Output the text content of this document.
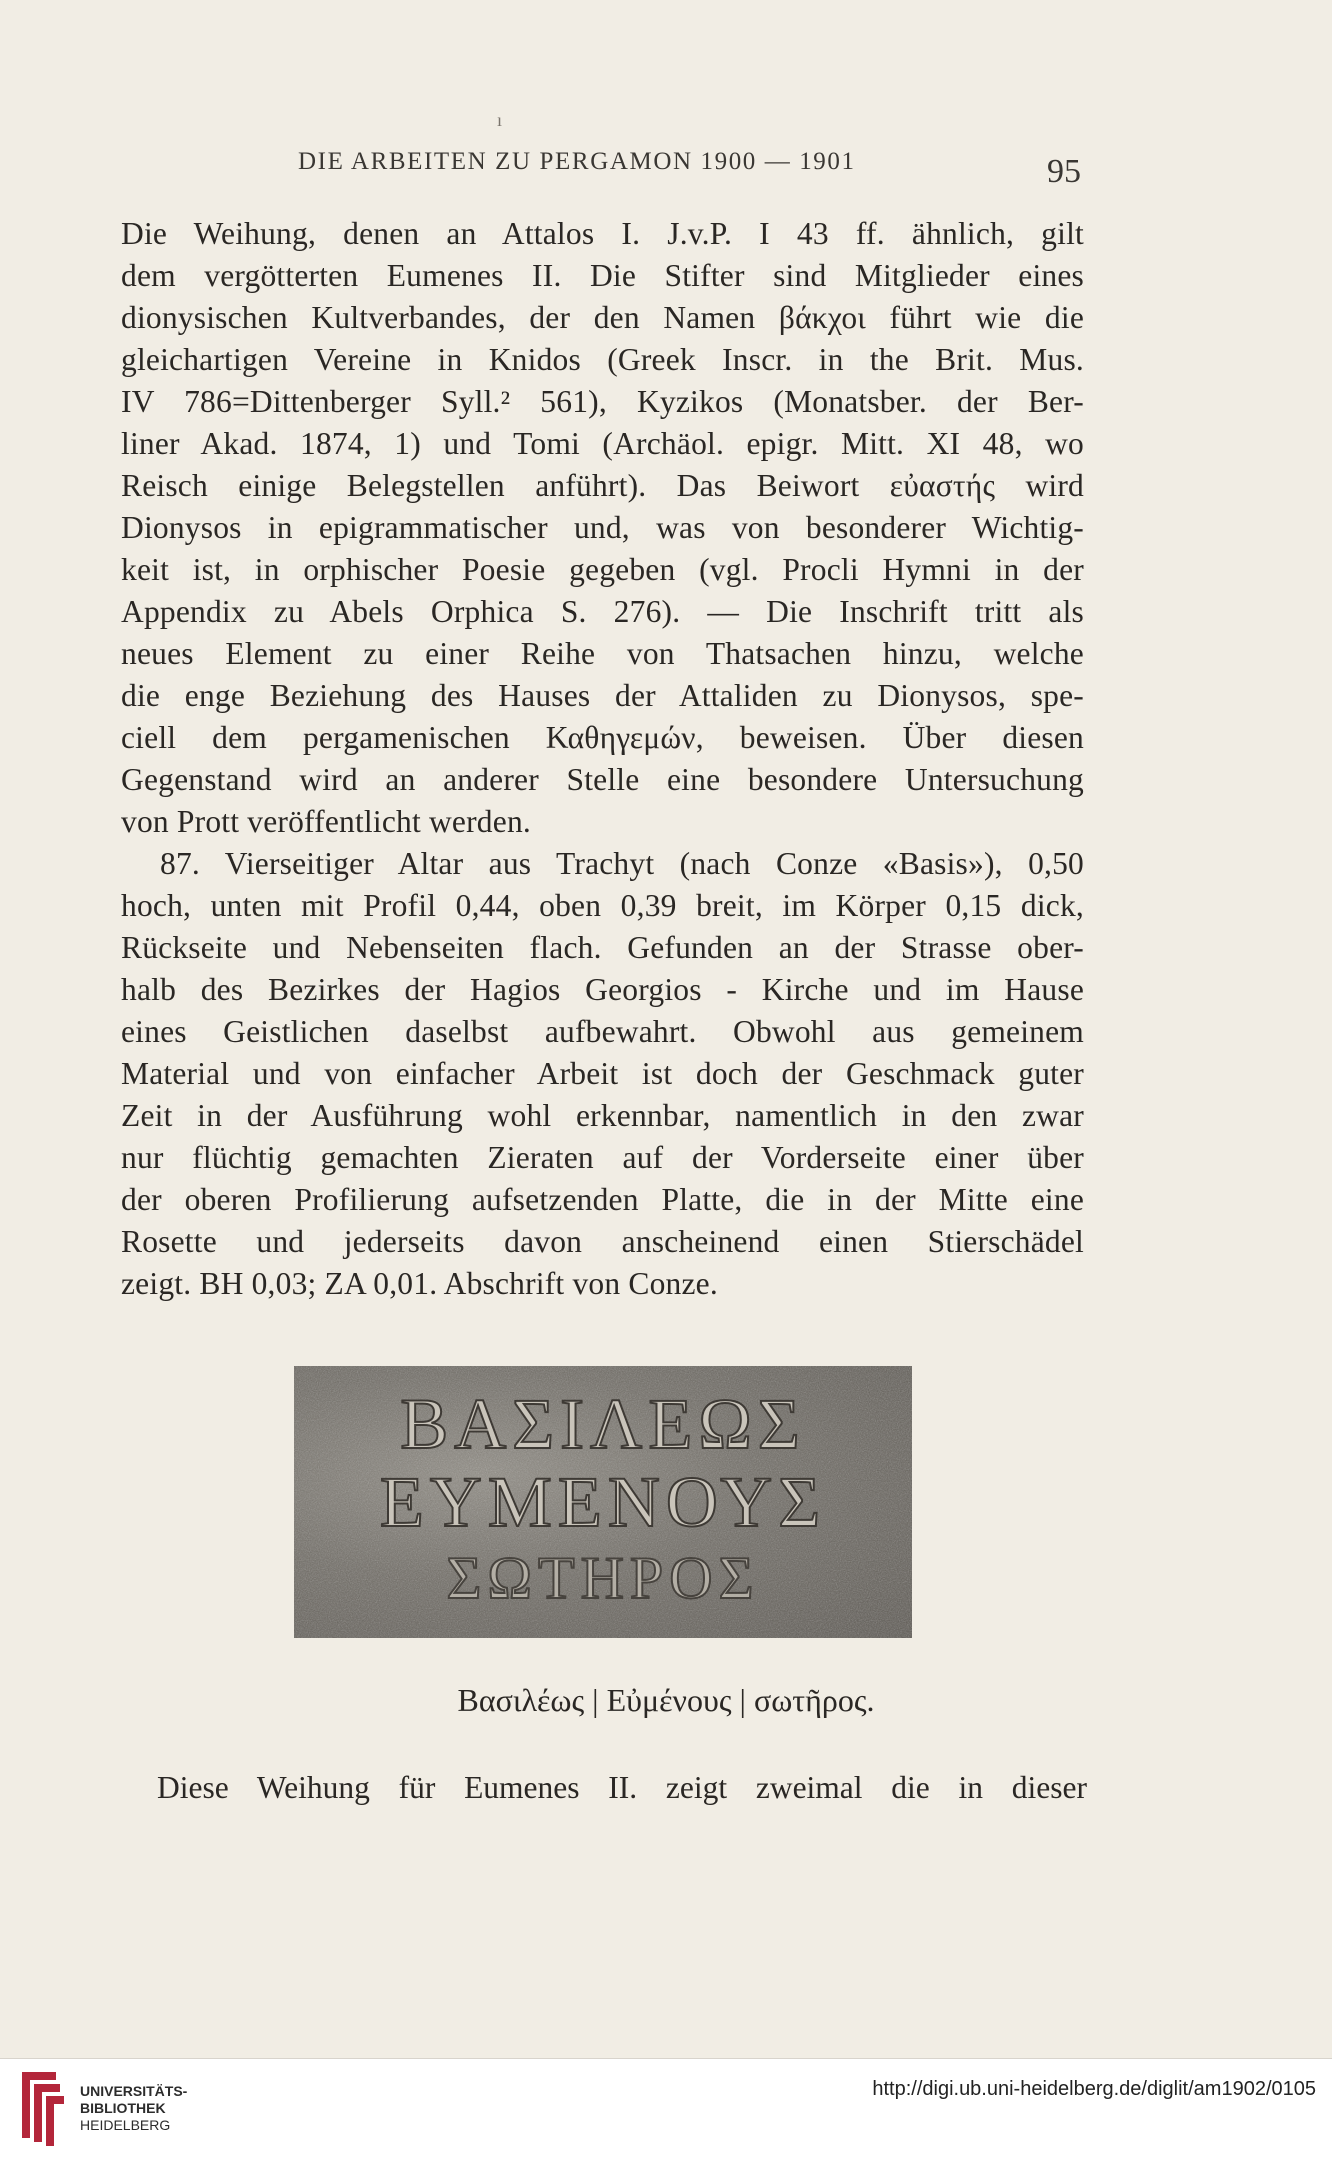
ı
DIE ARBEITEN ZU PERGAMON 1900 — 1901	95
Die Weihung, denen an Attalos I. J.v.P. I 43 ff. ähnlich, gilt
dem vergötterten Eumenes II. Die Stifter sind Mitglieder eines
dionysischen Kultverbandes, der den Namen βάκχοι führt wie die
gleichartigen Vereine in Knidos (Greek Inscr. in the Brit. Mus.
IV 786=Dittenberger Syll.² 561), Kyzikos (Monatsber. der Ber-
liner Akad. 1874, 1) und Tomi (Archäol. epigr. Mitt. XI 48, wo
Reisch einige Belegstellen anführt). Das Beiwort εὐαστής wird
Dionysos in epigrammatischer und, was von besonderer Wichtig-
keit ist, in orphischer Poesie gegeben (vgl. Procli Hymni in der
Appendix zu Abels Orphica S. 276). — Die Inschrift tritt als
neues Element zu einer Reihe von Thatsachen hinzu, welche
die enge Beziehung des Hauses der Attaliden zu Dionysos, spe-
ciell dem pergamenischen Καθηγεμών, beweisen. Über diesen
Gegenstand wird an anderer Stelle eine besondere Untersuchung
von Prott veröffentlicht werden.
87. Vierseitiger Altar aus Trachyt (nach Conze «Basis»), 0,50
hoch, unten mit Profil 0,44, oben 0,39 breit, im Körper 0,15 dick,
Rückseite und Nebenseiten flach. Gefunden an der Strasse ober-
halb des Bezirkes der Hagios Georgios - Kirche und im Hause
eines Geistlichen daselbst aufbewahrt. Obwohl aus gemeinem
Material und von einfacher Arbeit ist doch der Geschmack guter
Zeit in der Ausführung wohl erkennbar, namentlich in den zwar
nur flüchtig gemachten Zieraten auf der Vorderseite einer über
der oberen Profilierung aufsetzenden Platte, die in der Mitte eine
Rosette und jederseits davon anscheinend einen Stierschädel
zeigt. BH 0,03; ZA 0,01. Abschrift von Conze.
ΒΑΣΙΛΕΩΣ
ΕΥΜΕΝΟΥΣ
ΣΩΤΗΡΟΣ
Βασιλέως | Εὐμένους | σωτῆρος.
Diese Weihung für Eumenes II. zeigt zweimal die in dieser
UNIVERSITÄTS-
BIBLIOTHEK
HEIDELBERG
http://digi.ub.uni-heidelberg.de/diglit/am1902/0105
